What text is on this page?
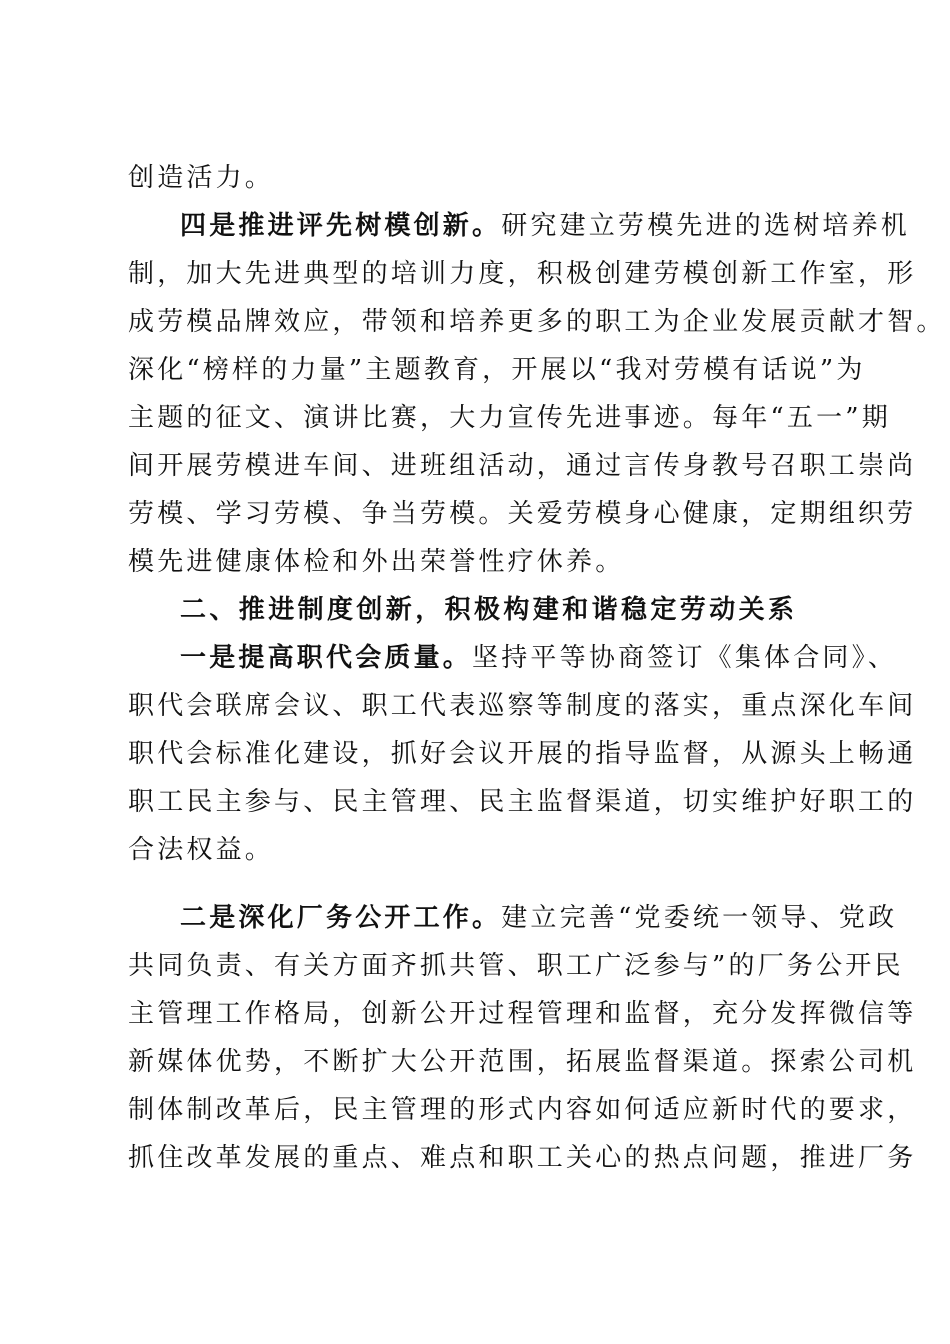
创造活力。
四是推进评先树模创新。研究建立劳模先进的选树培养机
制，加大先进典型的培训力度，积极创建劳模创新工作室，形
成劳模品牌效应，带领和培养更多的职工为企业发展贡献才智。
深化“榜样的力量”主题教育，开展以“我对劳模有话说”为
主题的征文、演讲比赛，大力宣传先进事迹。每年“五一”期
间开展劳模进车间、进班组活动，通过言传身教号召职工崇尚
劳模、学习劳模、争当劳模。关爱劳模身心健康，定期组织劳
模先进健康体检和外出荣誉性疗休养。
二、推进制度创新，积极构建和谐稳定劳动关系
一是提高职代会质量。坚持平等协商签订《集体合同》、
职代会联席会议、职工代表巡察等制度的落实，重点深化车间
职代会标准化建设，抓好会议开展的指导监督，从源头上畅通
职工民主参与、民主管理、民主监督渠道，切实维护好职工的
合法权益。
二是深化厂务公开工作。建立完善“党委统一领导、党政
共同负责、有关方面齐抓共管、职工广泛参与”的厂务公开民
主管理工作格局，创新公开过程管理和监督，充分发挥微信等
新媒体优势，不断扩大公开范围，拓展监督渠道。探索公司机
制体制改革后，民主管理的形式内容如何适应新时代的要求，
抓住改革发展的重点、难点和职工关心的热点问题，推进厂务
